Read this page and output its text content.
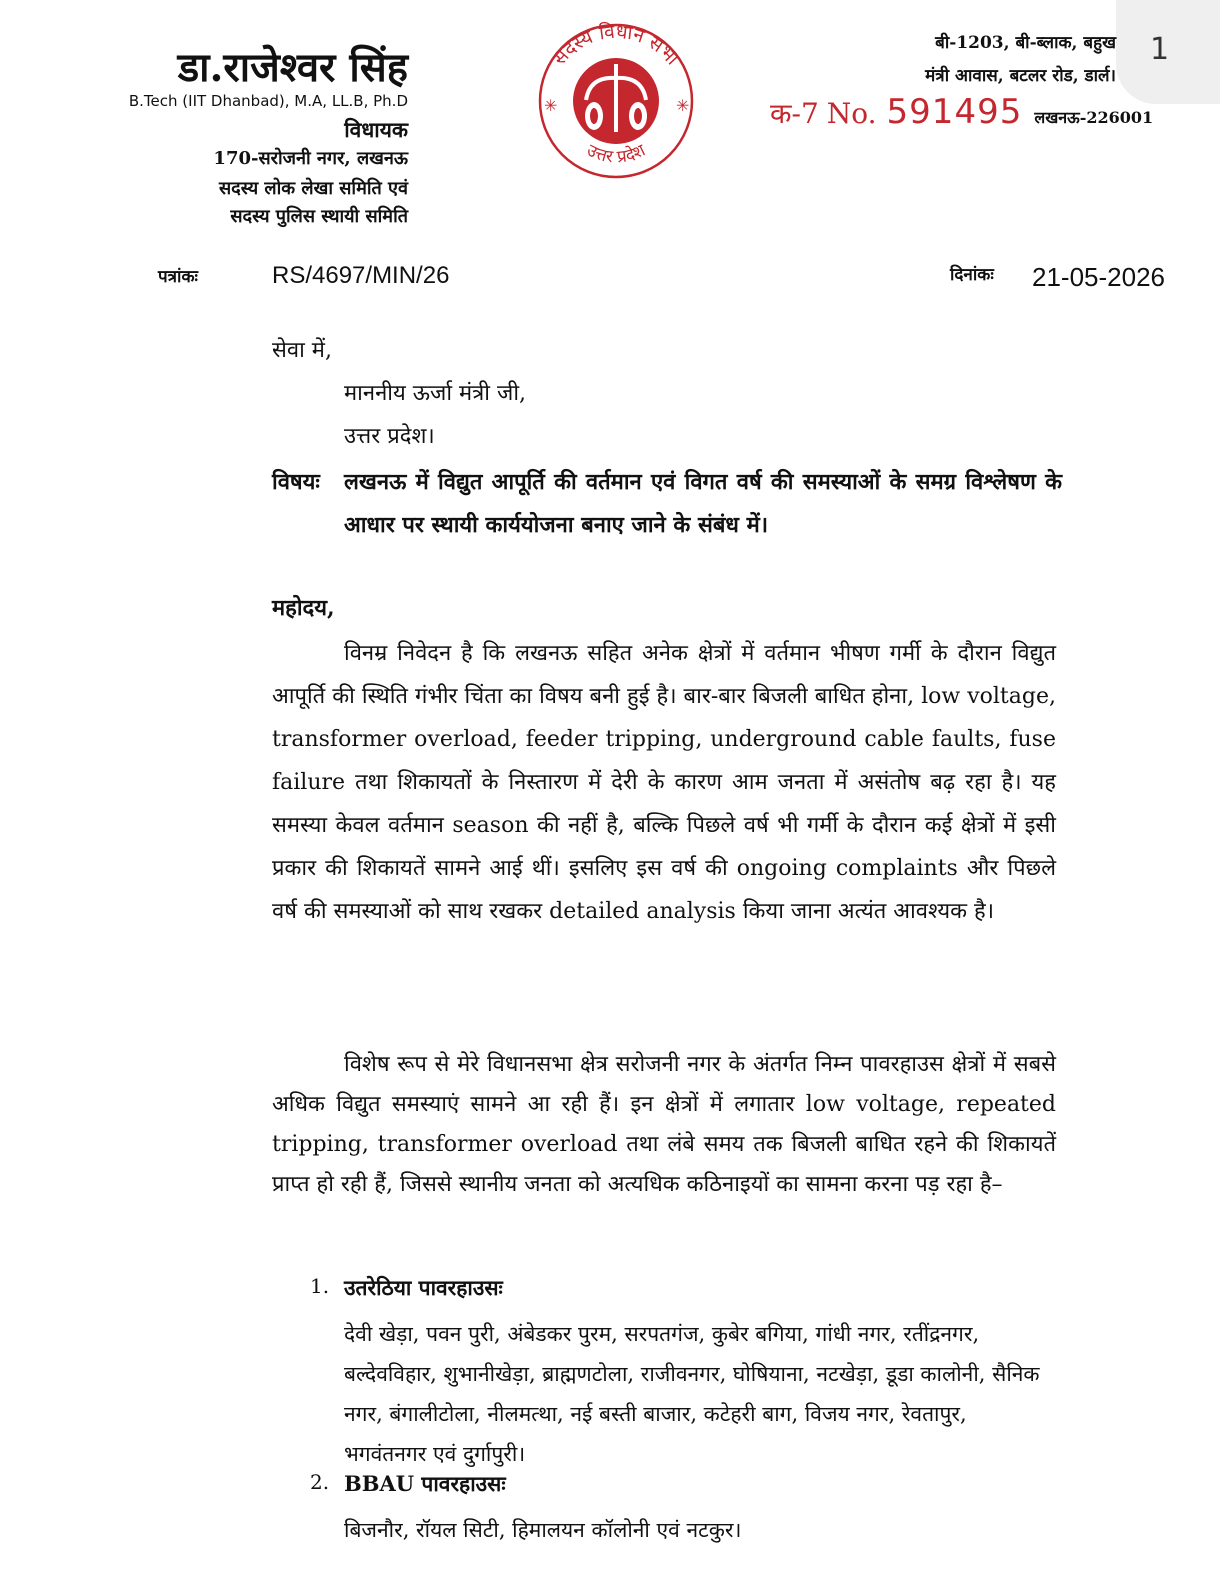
1
डा.राजेश्वर सिंह
B.Tech (IIT Dhanbad), M.A, LL.B, Ph.D
विधायक
170-सरोजनी नगर, लखनऊ
सदस्य लोक लेखा समिति एवं
सदस्य पुलिस स्थायी समिति
सदस्य विधान सभा
उत्तर प्रदेश
✳	✳
बी-1203, बी-ब्लाक, बहुख
मंत्री आवास, बटलर रोड, डार्ल।
क-7 No. 591495 लखनऊ-226001
पत्रांकः	RS/4697/MIN/26	दिनांकः 21-05-2026
सेवा में,
माननीय ऊर्जा मंत्री जी,
उत्तर प्रदेश।
विषयः	लखनऊ में विद्युत आपूर्ति की वर्तमान एवं विगत वर्ष की समस्याओं के समग्र विश्लेषण के आधार पर स्थायी कार्ययोजना बनाए जाने के संबंध में।
महोदय,

विनम्र निवेदन है कि लखनऊ सहित अनेक क्षेत्रों में वर्तमान भीषण गर्मी के दौरान विद्युत आपूर्ति की स्थिति गंभीर चिंता का विषय बनी हुई है। बार-बार बिजली बाधित होना, low voltage, transformer overload, feeder tripping, underground cable faults, fuse failure तथा शिकायतों के निस्तारण में देरी के कारण आम जनता में असंतोष बढ़ रहा है। यह समस्या केवल वर्तमान season की नहीं है, बल्कि पिछले वर्ष भी गर्मी के दौरान कई क्षेत्रों में इसी प्रकार की शिकायतें सामने आई थीं। इसलिए इस वर्ष की ongoing complaints और पिछले वर्ष की समस्याओं को साथ रखकर detailed analysis किया जाना अत्यंत आवश्यक है।

विशेष रूप से मेरे विधानसभा क्षेत्र सरोजनी नगर के अंतर्गत निम्न पावरहाउस क्षेत्रों में सबसे अधिक विद्युत समस्याएं सामने आ रही हैं। इन क्षेत्रों में लगातार low voltage, repeated tripping, transformer overload तथा लंबे समय तक बिजली बाधित रहने की शिकायतें प्राप्त हो रही हैं, जिससे स्थानीय जनता को अत्यधिक कठिनाइयों का सामना करना पड़ रहा है–

1. उतरेठिया पावरहाउसः
देवी खेड़ा, पवन पुरी, अंबेडकर पुरम, सरपतगंज, कुबेर बगिया, गांधी नगर, रतींद्रनगर, बल्देवविहार, शुभानीखेड़ा, ब्राह्मणटोला, राजीवनगर, घोषियाना, नटखेड़ा, डूडा कालोनी, सैनिक नगर, बंगालीटोला, नीलमत्था, नई बस्ती बाजार, कटेहरी बाग, विजय नगर, रेवतापुर, भगवंतनगर एवं दुर्गापुरी।
2. BBAU पावरहाउसः
बिजनौर, रॉयल सिटी, हिमालयन कॉलोनी एवं नटकुर।
